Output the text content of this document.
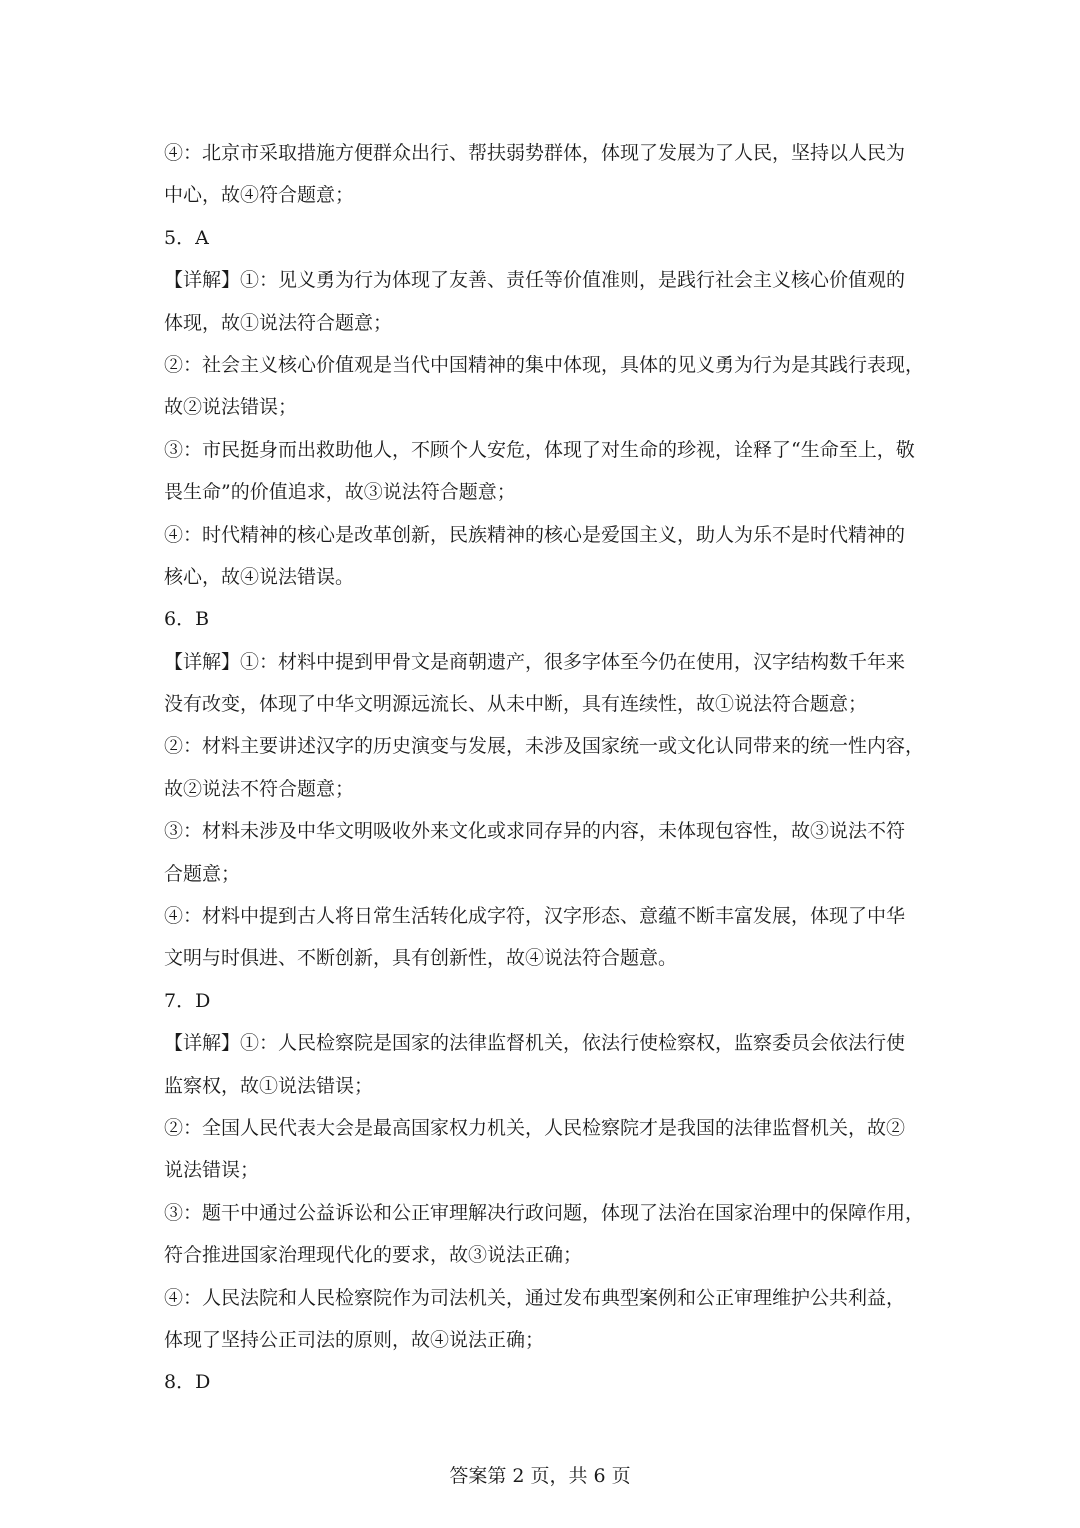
④：北京市采取措施方便群众出行、帮扶弱势群体，体现了发展为了人民，坚持以人民为
中心，故④符合题意；
5．A
【详解】①：见义勇为行为体现了友善、责任等价值准则，是践行社会主义核心价值观的
体现，故①说法符合题意；
②：社会主义核心价值观是当代中国精神的集中体现，具体的见义勇为行为是其践行表现，
故②说法错误；
③：市民挺身而出救助他人，不顾个人安危，体现了对生命的珍视，诠释了“生命至上，敬
畏生命”的价值追求，故③说法符合题意；
④：时代精神的核心是改革创新，民族精神的核心是爱国主义，助人为乐不是时代精神的
核心，故④说法错误。
6．B
【详解】①：材料中提到甲骨文是商朝遗产，很多字体至今仍在使用，汉字结构数千年来
没有改变，体现了中华文明源远流长、从未中断，具有连续性，故①说法符合题意；
②：材料主要讲述汉字的历史演变与发展，未涉及国家统一或文化认同带来的统一性内容，
故②说法不符合题意；
③：材料未涉及中华文明吸收外来文化或求同存异的内容，未体现包容性，故③说法不符
合题意；
④：材料中提到古人将日常生活转化成字符，汉字形态、意蕴不断丰富发展，体现了中华
文明与时俱进、不断创新，具有创新性，故④说法符合题意。
7．D
【详解】①：人民检察院是国家的法律监督机关，依法行使检察权，监察委员会依法行使
监察权，故①说法错误；
②：全国人民代表大会是最高国家权力机关，人民检察院才是我国的法律监督机关，故②
说法错误；
③：题干中通过公益诉讼和公正审理解决行政问题，体现了法治在国家治理中的保障作用，
符合推进国家治理现代化的要求，故③说法正确；
④：人民法院和人民检察院作为司法机关，通过发布典型案例和公正审理维护公共利益，
体现了坚持公正司法的原则，故④说法正确；
8．D
答案第 2 页，共 6 页
